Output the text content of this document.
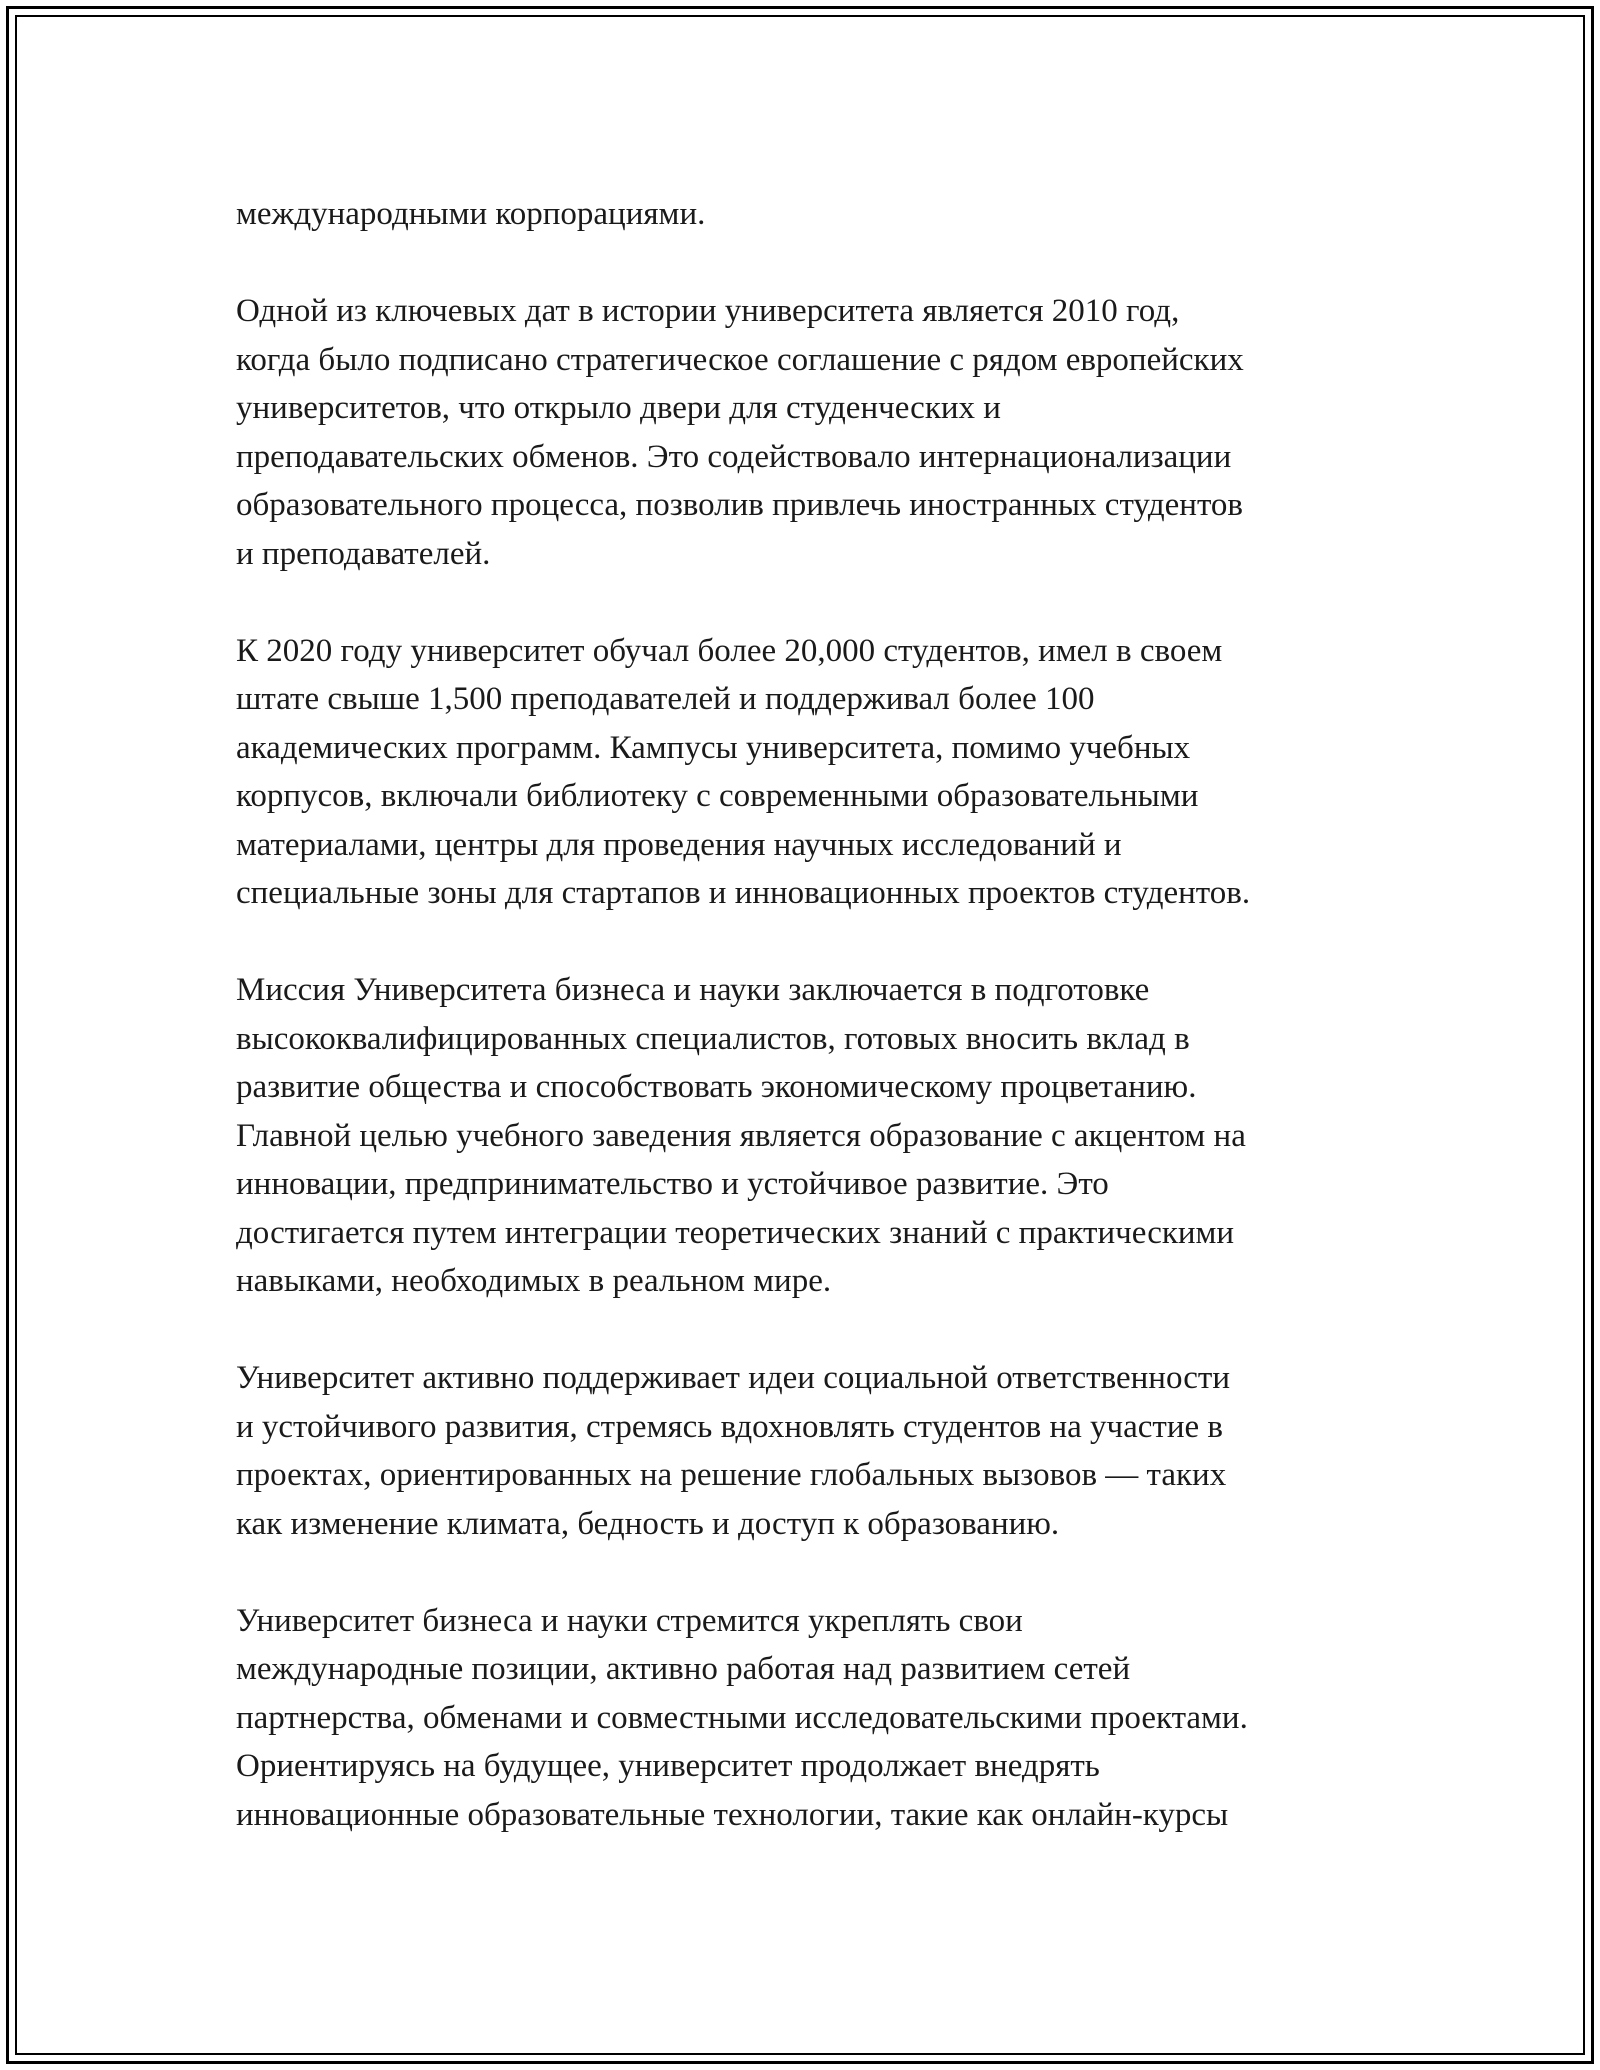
международными корпорациями.

Одной из ключевых дат в истории университета является 2010 год,
когда было подписано стратегическое соглашение с рядом европейских
университетов, что открыло двери для студенческих и
преподавательских обменов. Это содействовало интернационализации
образовательного процесса, позволив привлечь иностранных студентов
и преподавателей.

К 2020 году университет обучал более 20,000 студентов, имел в своем
штате свыше 1,500 преподавателей и поддерживал более 100
академических программ. Кампусы университета, помимо учебных
корпусов, включали библиотеку с современными образовательными
материалами, центры для проведения научных исследований и
специальные зоны для стартапов и инновационных проектов студентов.

Миссия Университета бизнеса и науки заключается в подготовке
высококвалифицированных специалистов, готовых вносить вклад в
развитие общества и способствовать экономическому процветанию.
Главной целью учебного заведения является образование с акцентом на
инновации, предпринимательство и устойчивое развитие. Это
достигается путем интеграции теоретических знаний с практическими
навыками, необходимых в реальном мире.

Университет активно поддерживает идеи социальной ответственности
и устойчивого развития, стремясь вдохновлять студентов на участие в
проектах, ориентированных на решение глобальных вызовов — таких
как изменение климата, бедность и доступ к образованию.

Университет бизнеса и науки стремится укреплять свои
международные позиции, активно работая над развитием сетей
партнерства, обменами и совместными исследовательскими проектами.
Ориентируясь на будущее, университет продолжает внедрять
инновационные образовательные технологии, такие как онлайн-курсы
